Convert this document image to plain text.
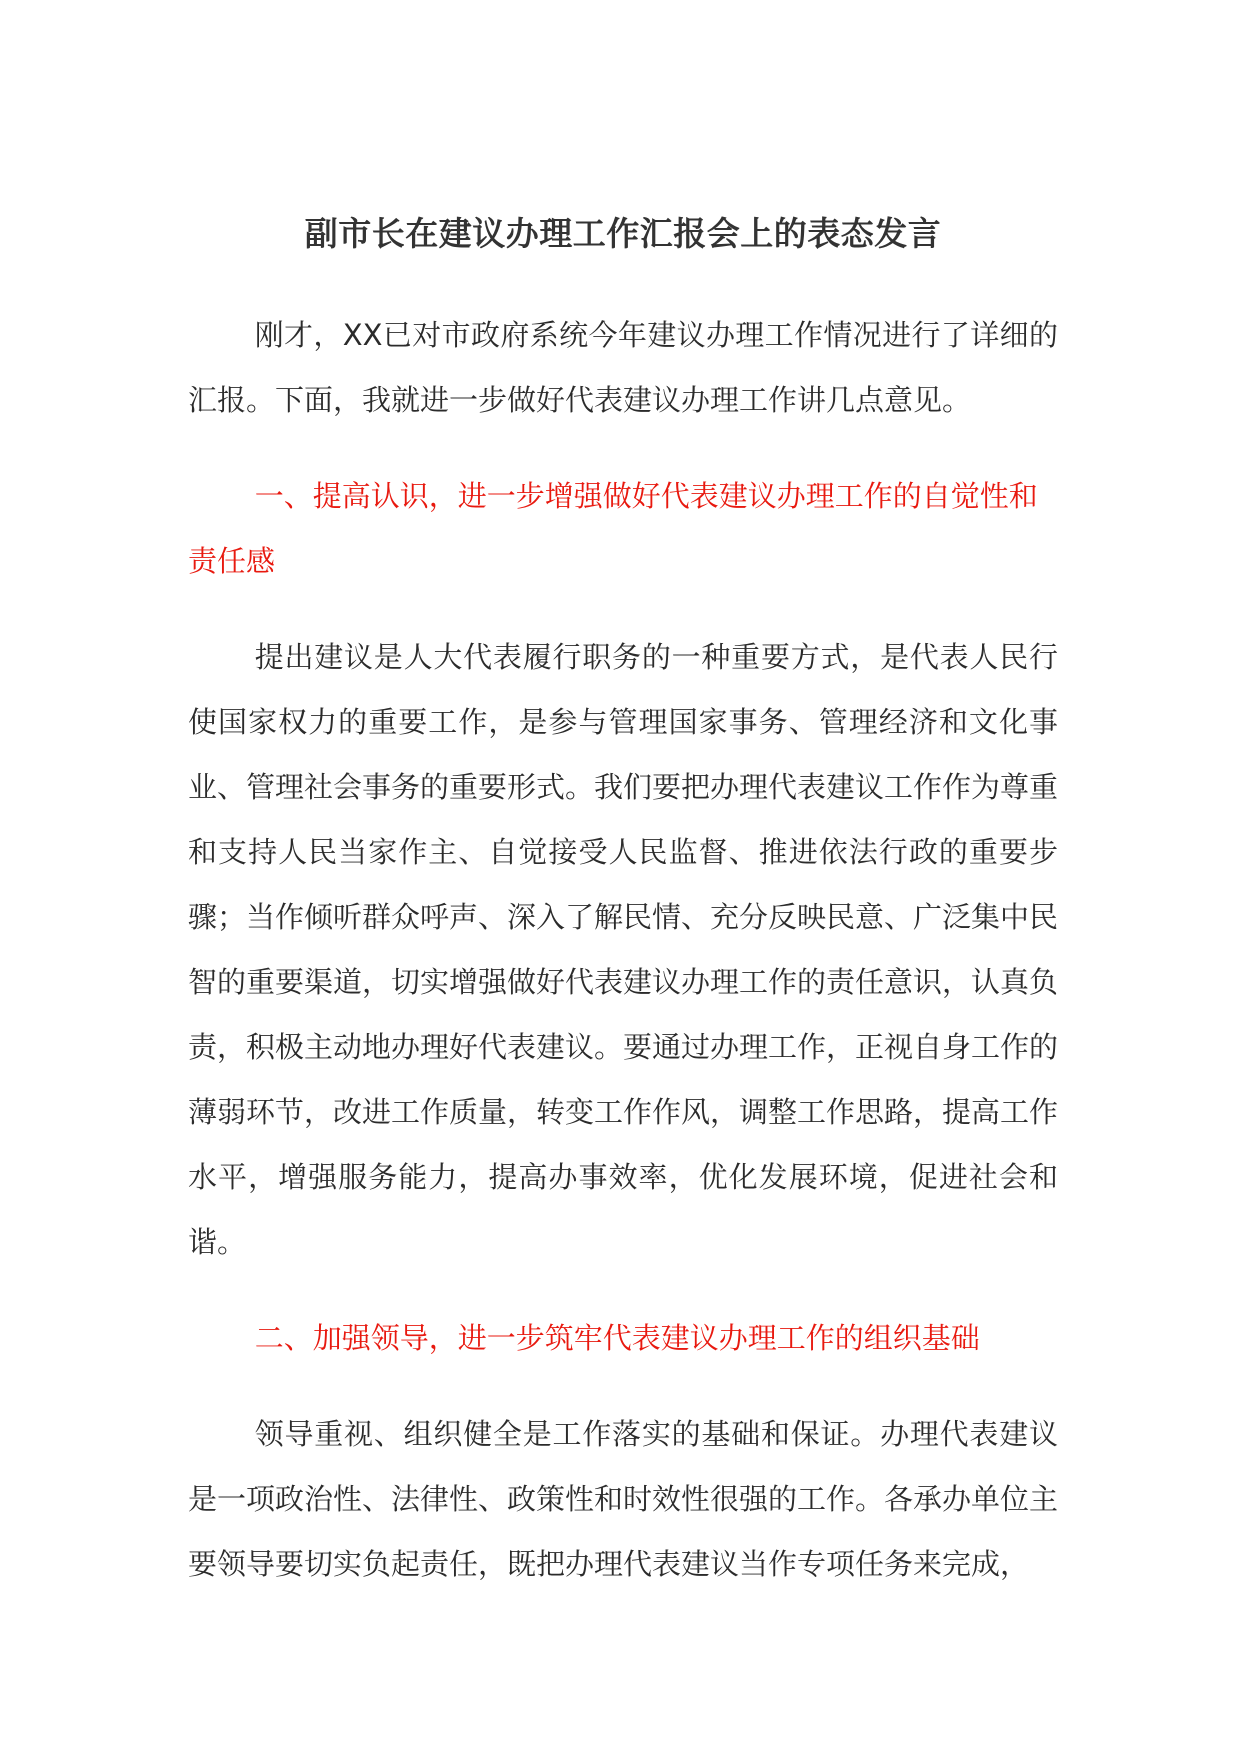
副市长在建议办理工作汇报会上的表态发言

刚才，XX已对市政府系统今年建议办理工作情况进行了详细的汇报。下面，我就进一步做好代表建议办理工作讲几点意见。

一、提高认识，进一步增强做好代表建议办理工作的自觉性和责任感

提出建议是人大代表履行职务的一种重要方式，是代表人民行使国家权力的重要工作，是参与管理国家事务、管理经济和文化事业、管理社会事务的重要形式。我们要把办理代表建议工作作为尊重和支持人民当家作主、自觉接受人民监督、推进依法行政的重要步骤；当作倾听群众呼声、深入了解民情、充分反映民意、广泛集中民智的重要渠道，切实增强做好代表建议办理工作的责任意识，认真负责，积极主动地办理好代表建议。要通过办理工作，正视自身工作的薄弱环节，改进工作质量，转变工作作风，调整工作思路，提高工作水平，增强服务能力，提高办事效率，优化发展环境，促进社会和谐。

二、加强领导，进一步筑牢代表建议办理工作的组织基础

领导重视、组织健全是工作落实的基础和保证。办理代表建议是一项政治性、法律性、政策性和时效性很强的工作。各承办单位主要领导要切实负起责任，既把办理代表建议当作专项任务来完成，
